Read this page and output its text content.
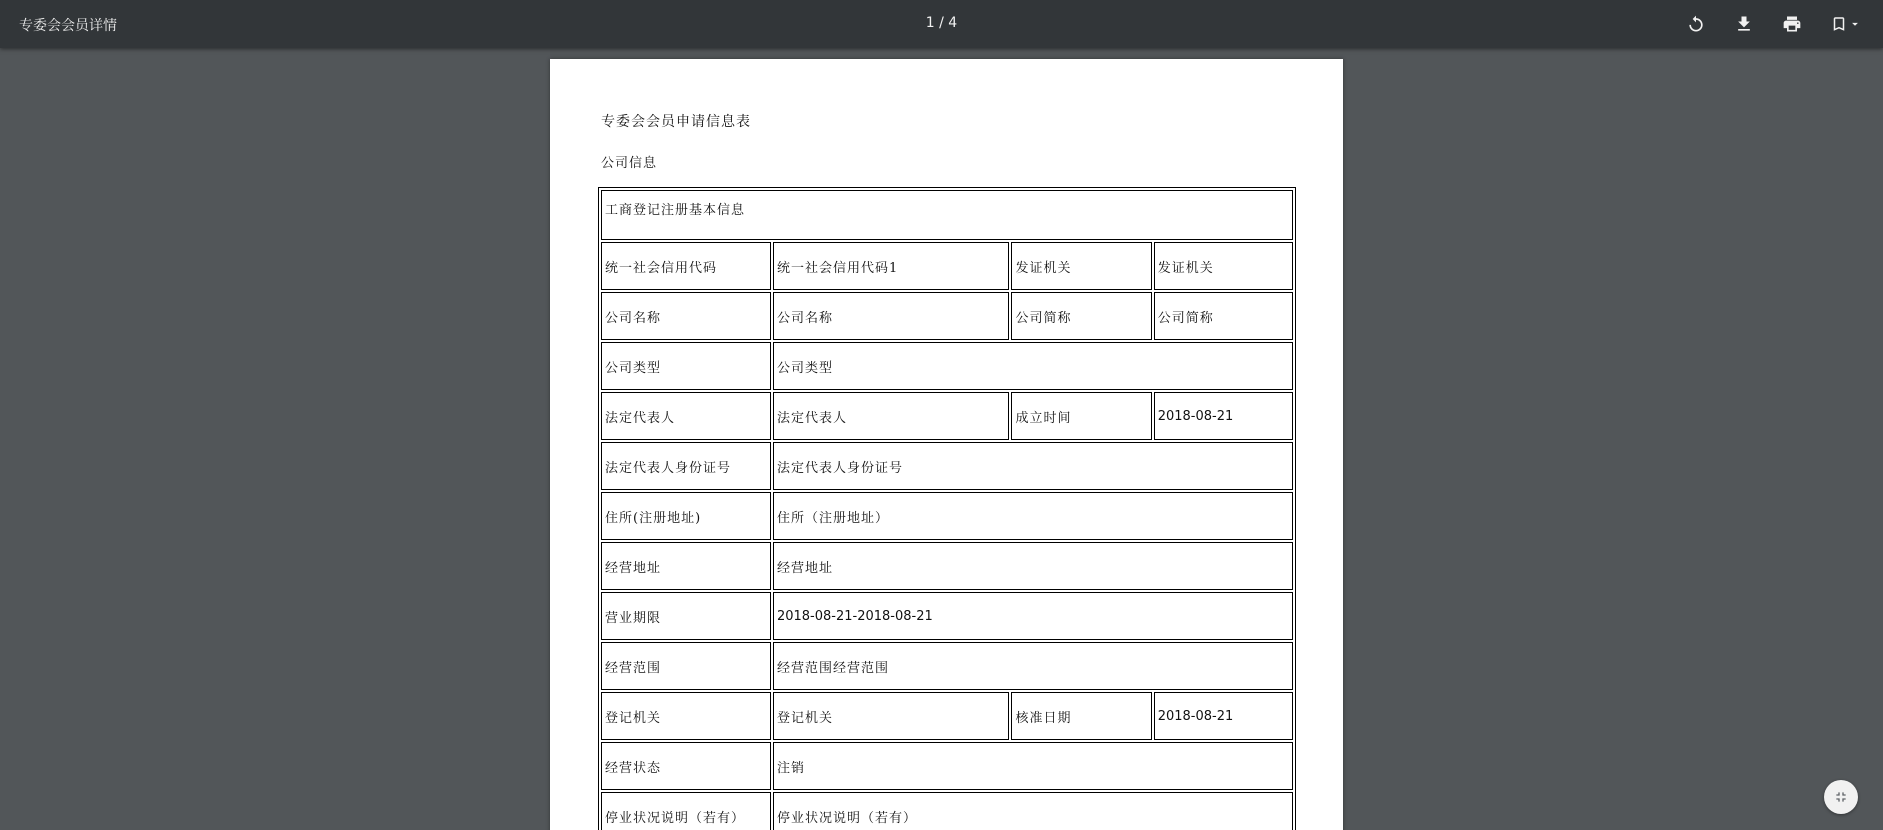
专委会会员详情	1 / 4
专委会会员申请信息表
公司信息
工商登记注册基本信息			
统一社会信用代码	统一社会信用代码1	发证机关	发证机关
公司名称	公司名称	公司简称	公司简称
公司类型	公司类型		
法定代表人	法定代表人	成立时间	2018-08-21
法定代表人身份证号	法定代表人身份证号		
住所(注册地址)	住所（注册地址）		
经营地址	经营地址		
营业期限	2018-08-21-2018-08-21		
经营范围	经营范围经营范围		
登记机关	登记机关	核准日期	2018-08-21
经营状态	注销		
停业状况说明（若有）	停业状况说明（若有）		
